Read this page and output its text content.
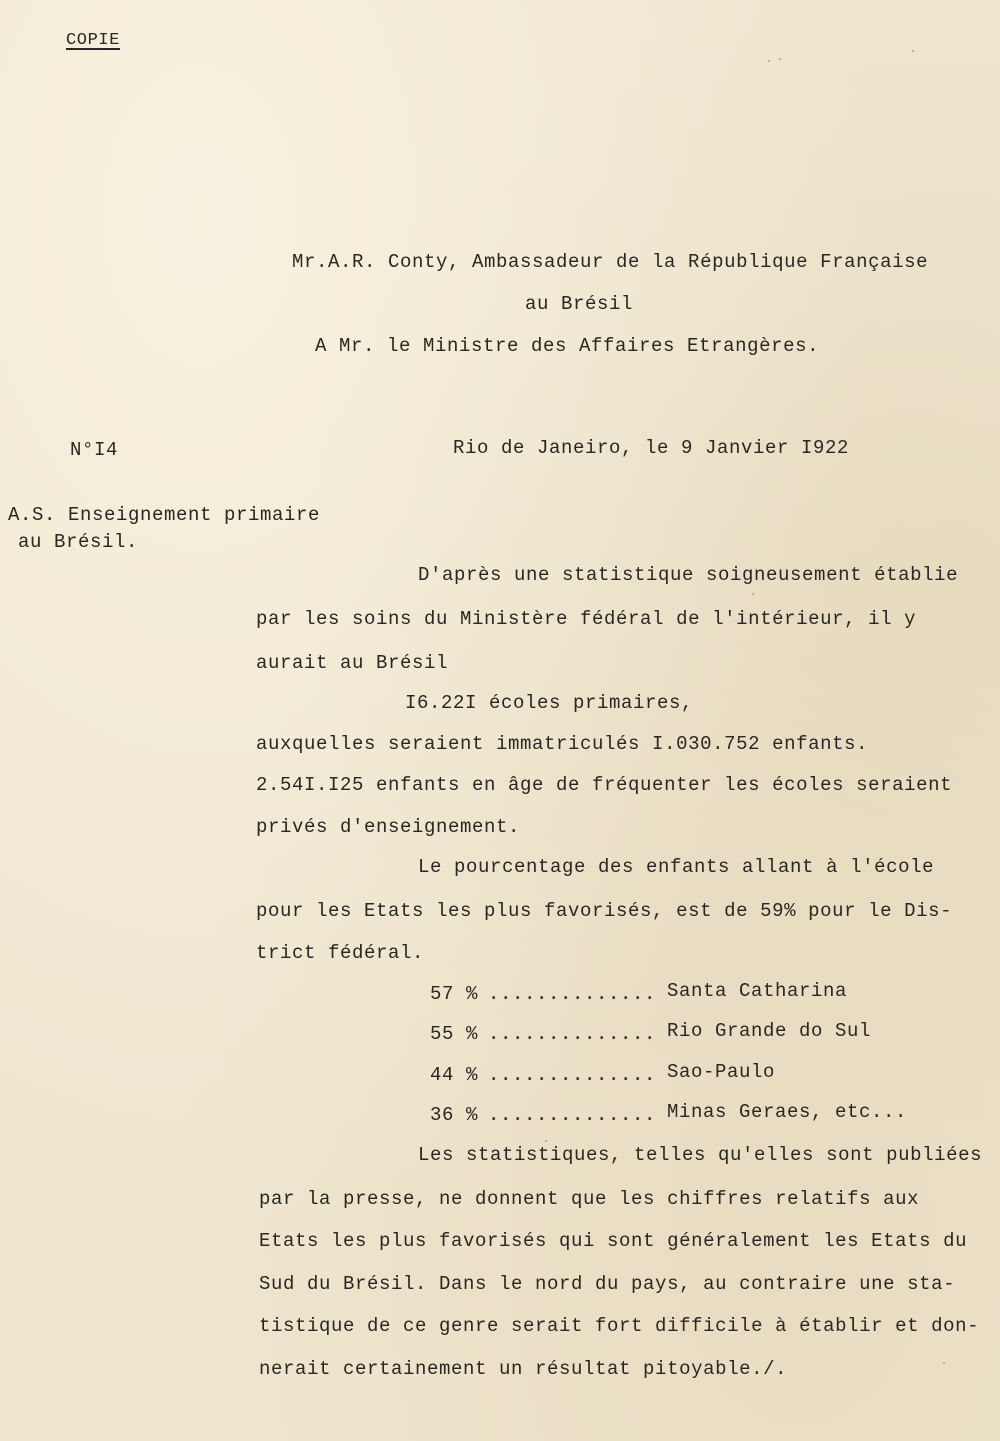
COPIE
Mr.A.R. Conty, Ambassadeur de la République Française
au Brésil
A Mr. le Ministre des Affaires Etrangères.
N°I4	Rio de Janeiro, le 9 Janvier I922
A.S. Enseignement primaire
au Brésil.
D'après une statistique soigneusement établie
par les soins du Ministère fédéral de l'intérieur, il y
aurait au Brésil
I6.22I écoles primaires,
auxquelles seraient immatriculés I.030.752 enfants.
2.54I.I25 enfants en âge de fréquenter les écoles seraient
privés d'enseignement.
Le pourcentage des enfants allant à l'école
pour les Etats les plus favorisés, est de 59% pour le Dis-
trict fédéral.
57 % .............. Santa Catharina
55 % .............. Rio Grande do Sul
44 % .............. Sao-Paulo
36 % .............. Minas Geraes, etc...
Les statistiques, telles qu'elles sont publiées
par la presse, ne donnent que les chiffres relatifs aux
Etats les plus favorisés qui sont généralement les Etats du
Sud du Brésil. Dans le nord du pays, au contraire une sta-
tistique de ce genre serait fort difficile à établir et don-
nerait certainement un résultat pitoyable./.
